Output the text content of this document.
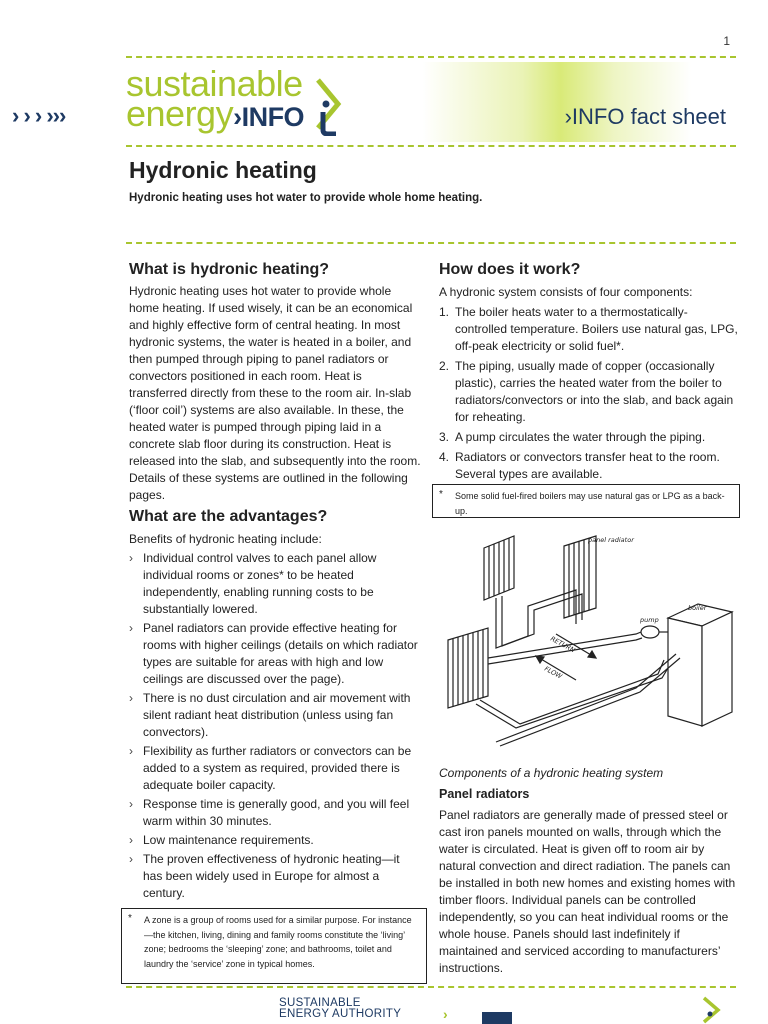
1
› › › ›››
sustainable
energy›INFO	›INFO fact sheet
Hydronic heating
Hydronic heating uses hot water to provide whole home heating.
What is hydronic heating?

Hydronic heating uses hot water to provide whole home heating. If used wisely, it can be an economical and highly effective form of central heating. In most hydronic systems, the water is heated in a boiler, and then pumped through piping to panel radiators or convectors positioned in each room. Heat is transferred directly from these to the room air. In-slab (‘floor coil’) systems are also available. In these, the heated water is pumped through piping laid in a concrete slab floor during its construction. Heat is released into the slab, and subsequently into the room. Details of these systems are outlined in the following pages.

What are the advantages?

Benefits of hydronic heating include:

› Individual control valves to each panel allow individual rooms or zones* to be heated independently, enabling running costs to be substantially lowered.
› Panel radiators can provide effective heating for rooms with higher ceilings (details on which radiator types are suitable for areas with high and low ceilings are discussed over the page).
› There is no dust circulation and air movement with silent radiant heat distribution (unless using fan convectors).
› Flexibility as further radiators or convectors can be added to a system as required, provided there is adequate boiler capacity.
› Response time is generally good, and you will feel warm within 30 minutes.
› Low maintenance requirements.
› The proven effectiveness of hydronic heating—it has been widely used in Europe for almost a century.
* A zone is a group of rooms used for a similar purpose. For instance—the kitchen, living, dining and family rooms constitute the ‘living’ zone; bedrooms the ‘sleeping’ zone; and bathrooms, toilet and laundry the ‘service’ zone in typical homes.
How does it work?

A hydronic system consists of four components:

1. The boiler heats water to a thermostatically-controlled temperature. Boilers use natural gas, LPG, off-peak electricity or solid fuel*.
2. The piping, usually made of copper (occasionally plastic), carries the heated water from the boiler to radiators/convectors or into the slab, and back again for reheating.
3. A pump circulates the water through the piping.
4. Radiators or convectors transfer heat to the room. Several types are available.
* Some solid fuel-fired boilers may use natural gas or LPG as a back-up.
panel radiator
boiler
pump
RETURN
FLOW
Components of a hydronic heating system
Panel radiators

Panel radiators are generally made of pressed steel or cast iron panels mounted on walls, through which the water is circulated. Heat is given off to room air by natural convection and direct radiation. The panels can be installed in both new homes and existing homes with timber floors. Individual panels can be controlled independently, so you can heat individual rooms or the whole house. Panels should last indefinitely if maintained and serviced according to manufacturers’ instructions.

SUSTAINABLE
ENERGY AUTHORITY	›
